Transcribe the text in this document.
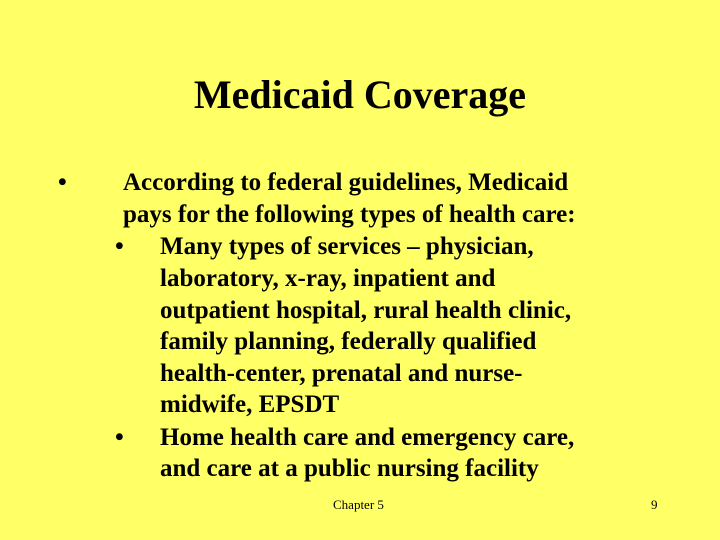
Medicaid Coverage
• According to federal guidelines, Medicaid
pays for the following types of health care:
• Many types of services – physician,
laboratory, x-ray, inpatient and
outpatient hospital, rural health clinic,
family planning, federally qualified
health-center, prenatal and nurse-
midwife, EPSDT
• Home health care and emergency care,
and care at a public nursing facility
Chapter 5	9
